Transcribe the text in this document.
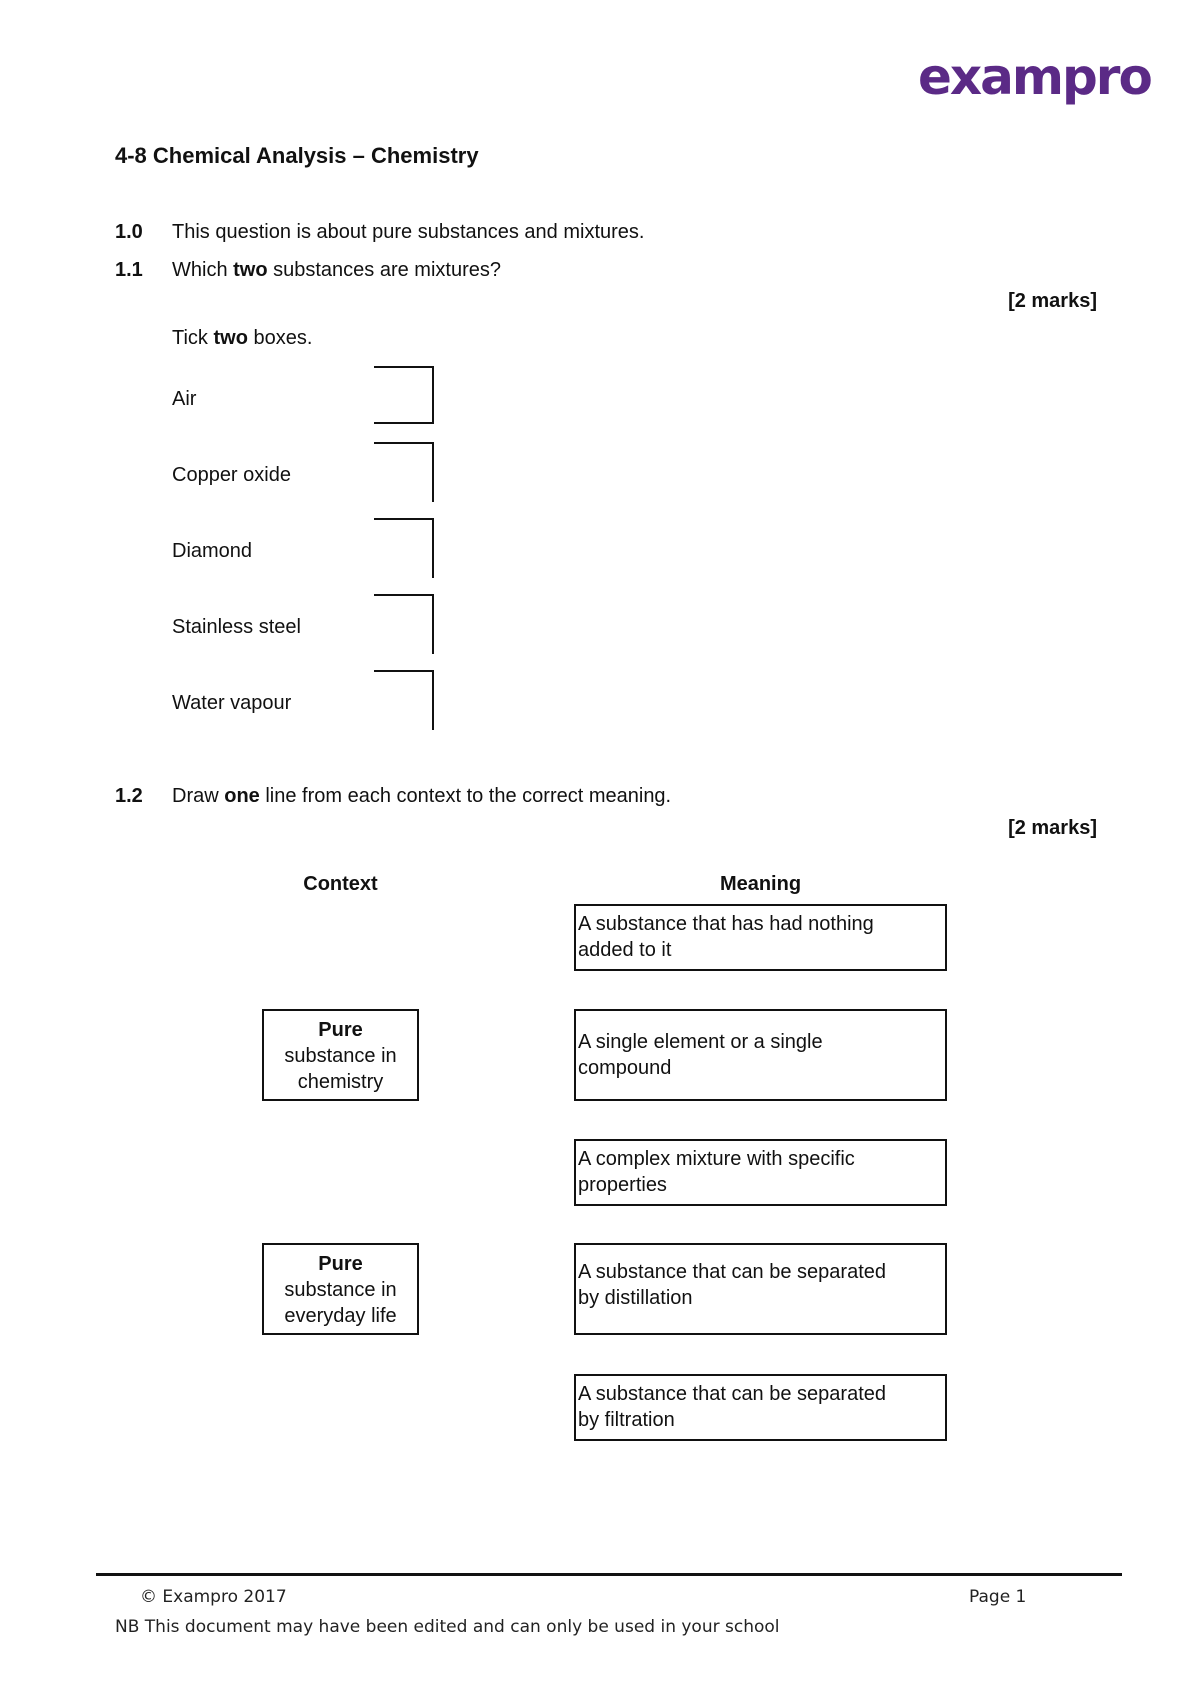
exampro
4-8 Chemical Analysis – Chemistry
1.0 This question is about pure substances and mixtures.
1.1 Which two substances are mixtures?
[2 marks]
Tick two boxes.
Air
Copper oxide
Diamond
Stainless steel
Water vapour
1.2 Draw one line from each context to the correct meaning.
[2 marks]
Context	Meaning
Pure
substance in
chemistry
Pure
substance in
everyday life
A substance that has had nothing
added to it
A single element or a single
compound
A complex mixture with specific
properties
A substance that can be separated
by distillation
A substance that can be separated
by filtration
© Exampro 2017	Page 1
NB This document may have been edited and can only be used in your school
